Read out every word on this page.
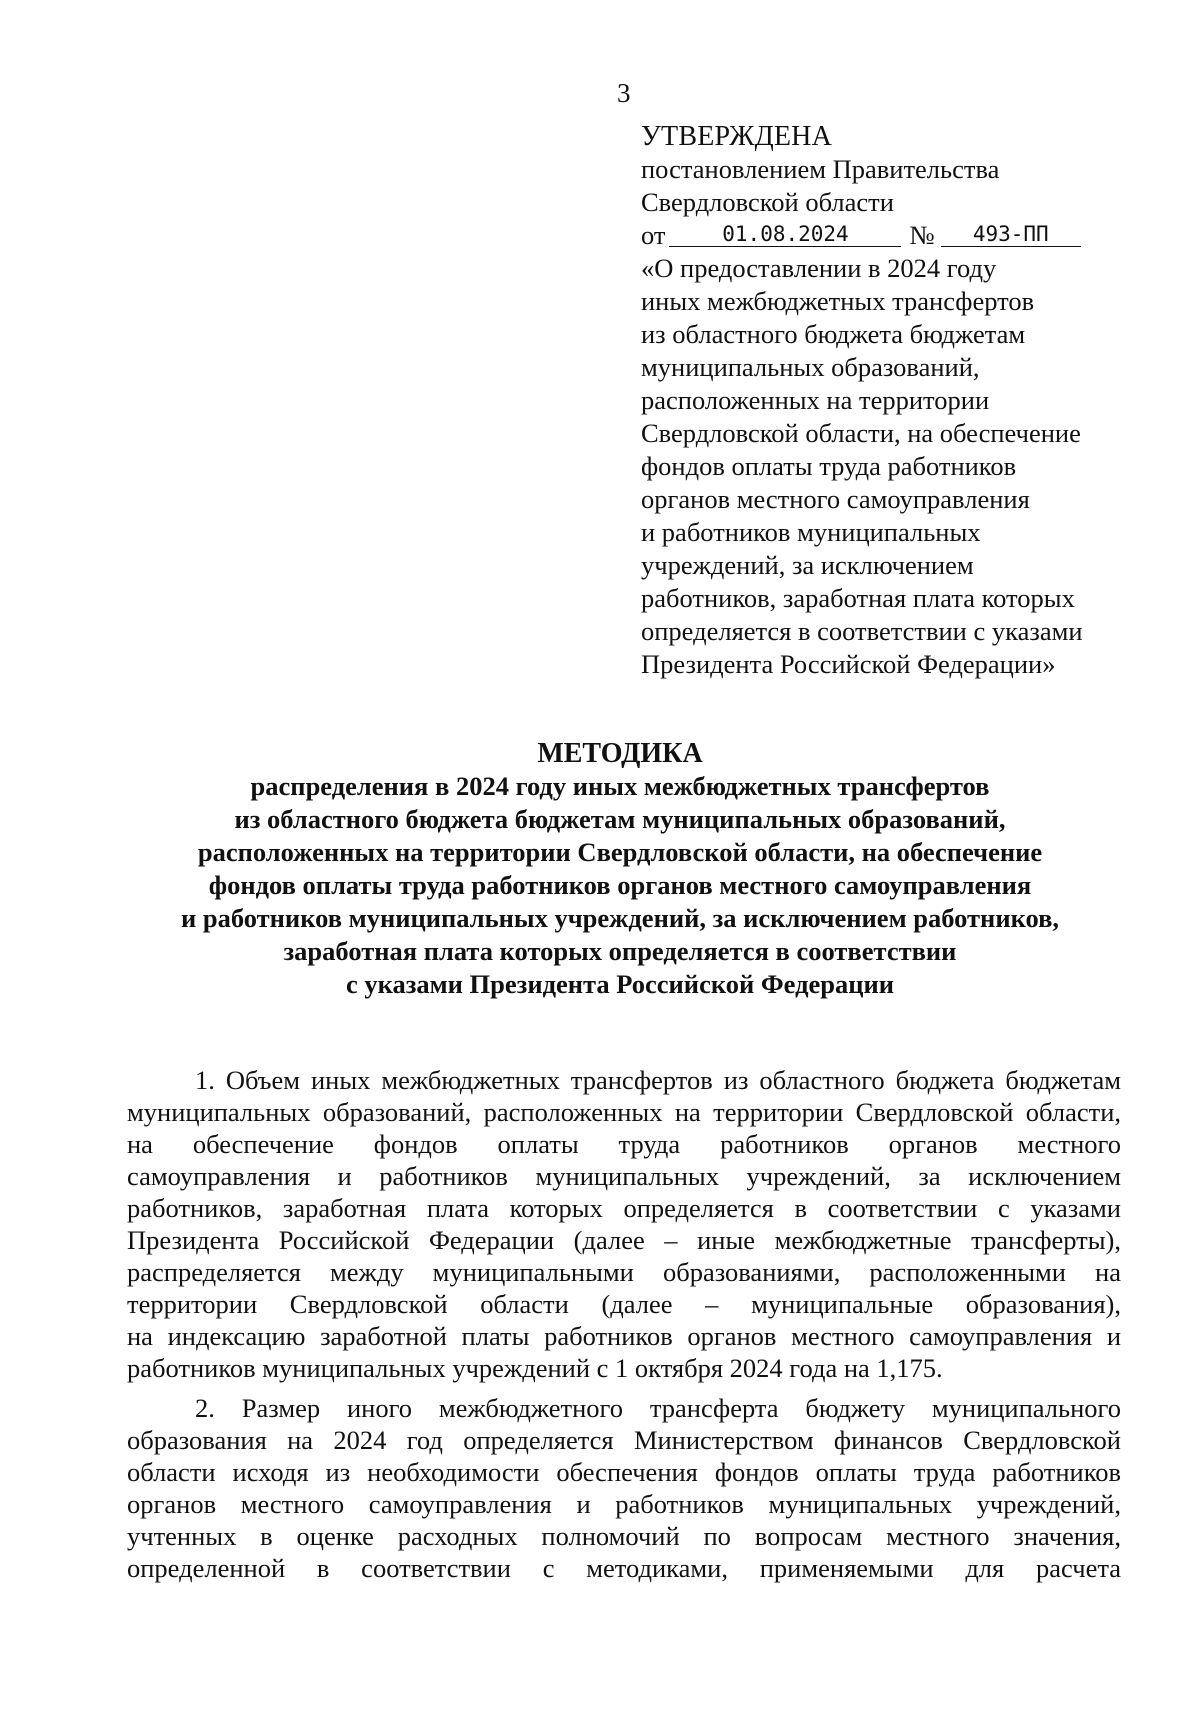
3
УТВЕРЖДЕНА
постановлением Правительства
Свердловской области
от	01.08.2024 № 493-ПП
«О предоставлении в 2024 году
иных межбюджетных трансфертов
из областного бюджета бюджетам
муниципальных образований,
расположенных на территории
Свердловской области, на обеспечение
фондов оплаты труда работников
органов местного самоуправления
и работников муниципальных
учреждений, за исключением
работников, заработная плата которых
определяется в соответствии с указами
Президента Российской Федерации»
МЕТОДИКА
распределения в 2024 году иных межбюджетных трансфертов
из областного бюджета бюджетам муниципальных образований,
расположенных на территории Свердловской области, на обеспечение
фондов оплаты труда работников органов местного самоуправления
и работников муниципальных учреждений, за исключением работников,
заработная плата которых определяется в соответствии
с указами Президента Российской Федерации
1. Объем иных межбюджетных трансфертов из областного бюджета бюджетам
муниципальных образований, расположенных на территории Свердловской области,
на обеспечение фондов оплаты труда работников органов местного
самоуправления и работников муниципальных учреждений, за исключением
работников, заработная плата которых определяется в соответствии с указами
Президента Российской Федерации (далее – иные межбюджетные трансферты),
распределяется между муниципальными образованиями, расположенными на
территории Свердловской области (далее – муниципальные образования),
на индексацию заработной платы работников органов местного самоуправления и
работников муниципальных учреждений с 1 октября 2024 года на 1,175.
2. Размер иного межбюджетного трансферта бюджету муниципального
образования на 2024 год определяется Министерством финансов Свердловской
области исходя из необходимости обеспечения фондов оплаты труда работников
органов местного самоуправления и работников муниципальных учреждений,
учтенных в оценке расходных полномочий по вопросам местного значения,
определенной в соответствии с методиками, применяемыми для расчета
